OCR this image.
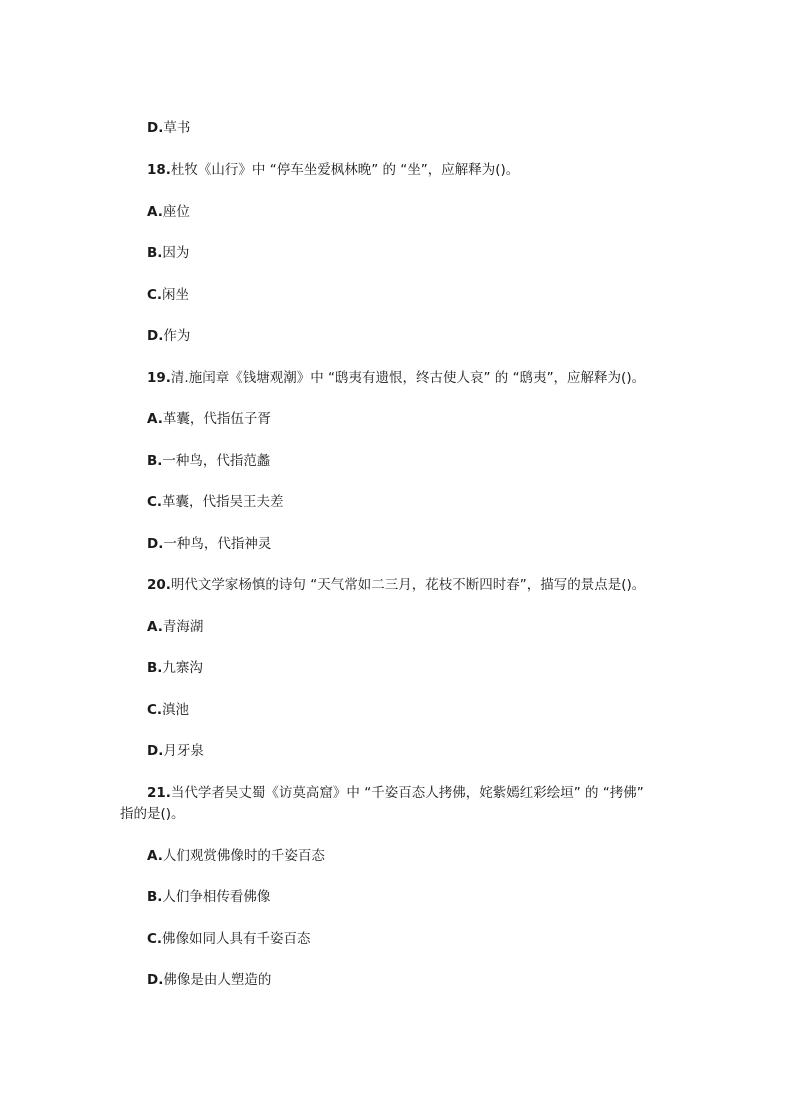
D.草书
18.杜牧《山行》中 “停车坐爱枫林晚” 的 “坐”，应解释为()。
A.座位
B.因为
C.闲坐
D.作为
19.清.施闰章《钱塘观潮》中 “鸱夷有遗恨，终古使人哀” 的 “鸱夷”，应解释为()。
A.革囊，代指伍子胥
B.一种鸟，代指范蠡
C.革囊，代指吴王夫差
D.一种鸟，代指神灵
20.明代文学家杨慎的诗句 “天气常如二三月，花枝不断四时春”，描写的景点是()。
A.青海湖
B.九寨沟
C.滇池
D.月牙泉
21.当代学者吴丈蜀《访莫高窟》中 “千姿百态人拷佛，姹紫嫣红彩绘垣” 的 “拷佛”
指的是()。
A.人们观赏佛像时的千姿百态
B.人们争相传看佛像
C.佛像如同人具有千姿百态
D.佛像是由人塑造的
